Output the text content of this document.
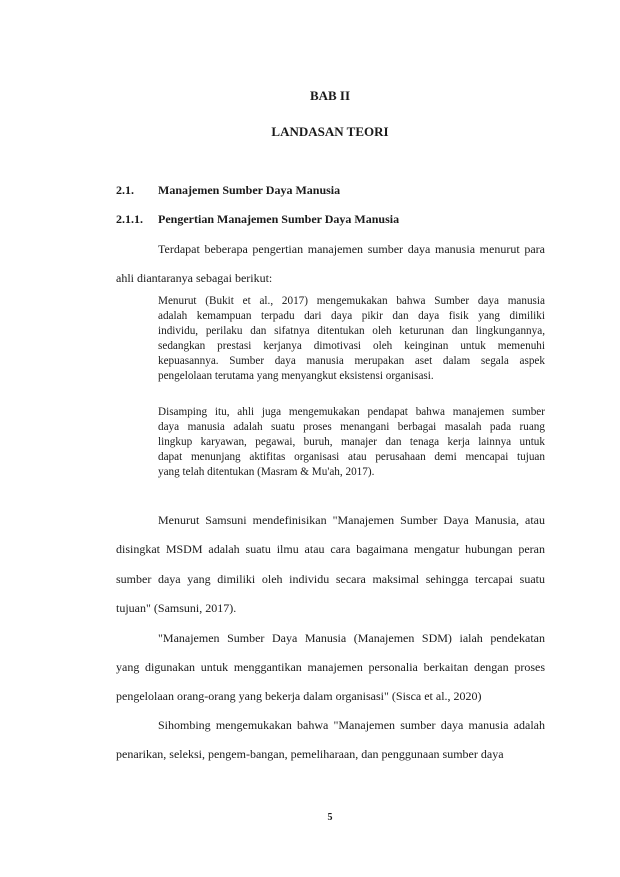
BAB II

LANDASAN TEORI

2.1. Manajemen Sumber Daya Manusia

2.1.1. Pengertian Manajemen Sumber Daya Manusia

Terdapat beberapa pengertian manajemen sumber daya manusia menurut para

ahli diantaranya sebagai berikut:

Menurut (Bukit et al., 2017) mengemukakan bahwa Sumber daya manusia

adalah kemampuan terpadu dari daya pikir dan daya fisik yang dimiliki

individu, perilaku dan sifatnya ditentukan oleh keturunan dan lingkungannya,

sedangkan prestasi kerjanya dimotivasi oleh keinginan untuk memenuhi

kepuasannya. Sumber daya manusia merupakan aset dalam segala aspek

pengelolaan terutama yang menyangkut eksistensi organisasi.

Disamping itu, ahli juga mengemukakan pendapat bahwa manajemen sumber

daya manusia adalah suatu proses menangani berbagai masalah pada ruang

lingkup karyawan, pegawai, buruh, manajer dan tenaga kerja lainnya untuk

dapat menunjang aktifitas organisasi atau perusahaan demi mencapai tujuan

yang telah ditentukan (Masram & Mu'ah, 2017).

Menurut Samsuni mendefinisikan "Manajemen Sumber Daya Manusia, atau

disingkat MSDM adalah suatu ilmu atau cara bagaimana mengatur hubungan peran

sumber daya yang dimiliki oleh individu secara maksimal sehingga tercapai suatu

tujuan" (Samsuni, 2017).

"Manajemen Sumber Daya Manusia (Manajemen SDM) ialah pendekatan

yang digunakan untuk menggantikan manajemen personalia berkaitan dengan proses

pengelolaan orang-orang yang bekerja dalam organisasi" (Sisca et al., 2020)

Sihombing mengemukakan bahwa "Manajemen sumber daya manusia adalah

penarikan, seleksi, pengem-bangan, pemeliharaan, dan penggunaan sumber daya

5
